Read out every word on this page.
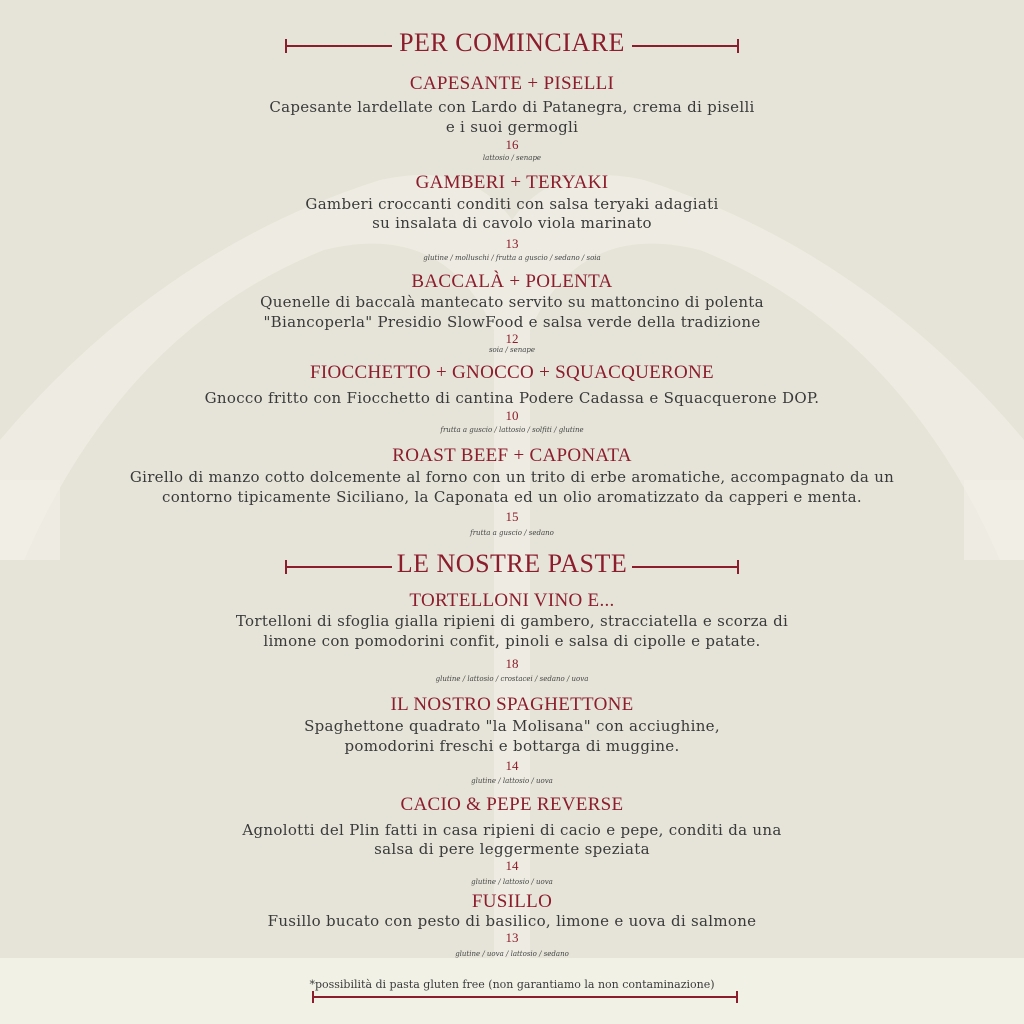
PER COMINCIARE
CAPESANTE + PISELLI
Capesante lardellate con Lardo di Patanegra, crema di piselli
e i suoi germogli
16
lattosio / senape
GAMBERI + TERYAKI
Gamberi croccanti conditi con salsa teryaki adagiati
su insalata di cavolo viola marinato
13
glutine / molluschi / frutta a guscio / sedano / soia
BACCALÀ + POLENTA
Quenelle di baccalà mantecato servito su mattoncino di polenta
"Biancoperla" Presidio SlowFood e salsa verde della tradizione
12
soia / senape
FIOCCHETTO + GNOCCO + SQUACQUERONE
Gnocco fritto con Fiocchetto di cantina Podere Cadassa e Squacquerone DOP.
10
frutta a guscio / lattosio / solfiti / glutine
ROAST BEEF + CAPONATA
Girello di manzo cotto dolcemente al forno con un trito di erbe aromatiche, accompagnato da un
contorno tipicamente Siciliano, la Caponata ed un olio aromatizzato da capperi e menta.
15
frutta a guscio / sedano
LE NOSTRE PASTE
TORTELLONI VINO E...
Tortelloni di sfoglia gialla ripieni di gambero, stracciatella e scorza di
limone con pomodorini confit, pinoli e salsa di cipolle e patate.
18
glutine / lattosio / crostacei / sedano / uova
IL NOSTRO SPAGHETTONE
Spaghettone quadrato "la Molisana" con acciughine,
pomodorini freschi e bottarga di muggine.
14
glutine / lattosio / uova
CACIO & PEPE REVERSE
Agnolotti del Plin fatti in casa ripieni di cacio e pepe, conditi da una
salsa di pere leggermente speziata
14
glutine / lattosio / uova
FUSILLO
Fusillo bucato con pesto di basilico, limone e uova di salmone
13
glutine / uova / lattosio / sedano
*possibilità di pasta gluten free (non garantiamo la non contaminazione)
